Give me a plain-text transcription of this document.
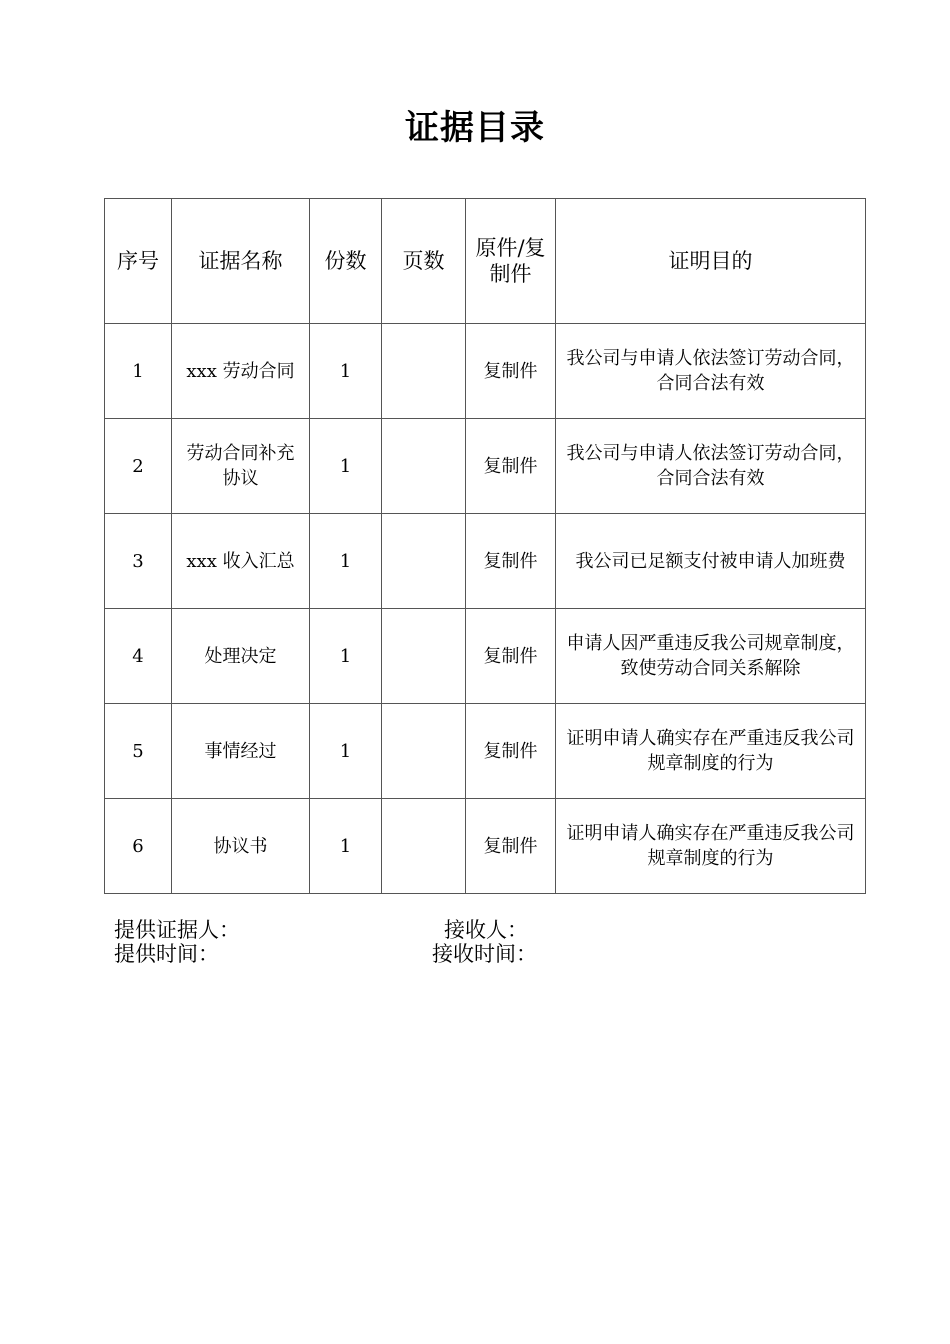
证据目录
序号	证据名称	份数	页数	原件/复制件	证明目的
1	xxx 劳动合同	1		复制件	我公司与申请人依法签订劳动合同，合同合法有效
2	劳动合同补充协议	1		复制件	我公司与申请人依法签订劳动合同，合同合法有效
3	xxx 收入汇总	1		复制件	我公司已足额支付被申请人加班费
4	处理决定	1		复制件	申请人因严重违反我公司规章制度，致使劳动合同关系解除
5	事情经过	1		复制件	证明申请人确实存在严重违反我公司规章制度的行为
6	协议书	1		复制件	证明申请人确实存在严重违反我公司规章制度的行为
提供证据人：	接收人：
提供时间：	接收时间：
